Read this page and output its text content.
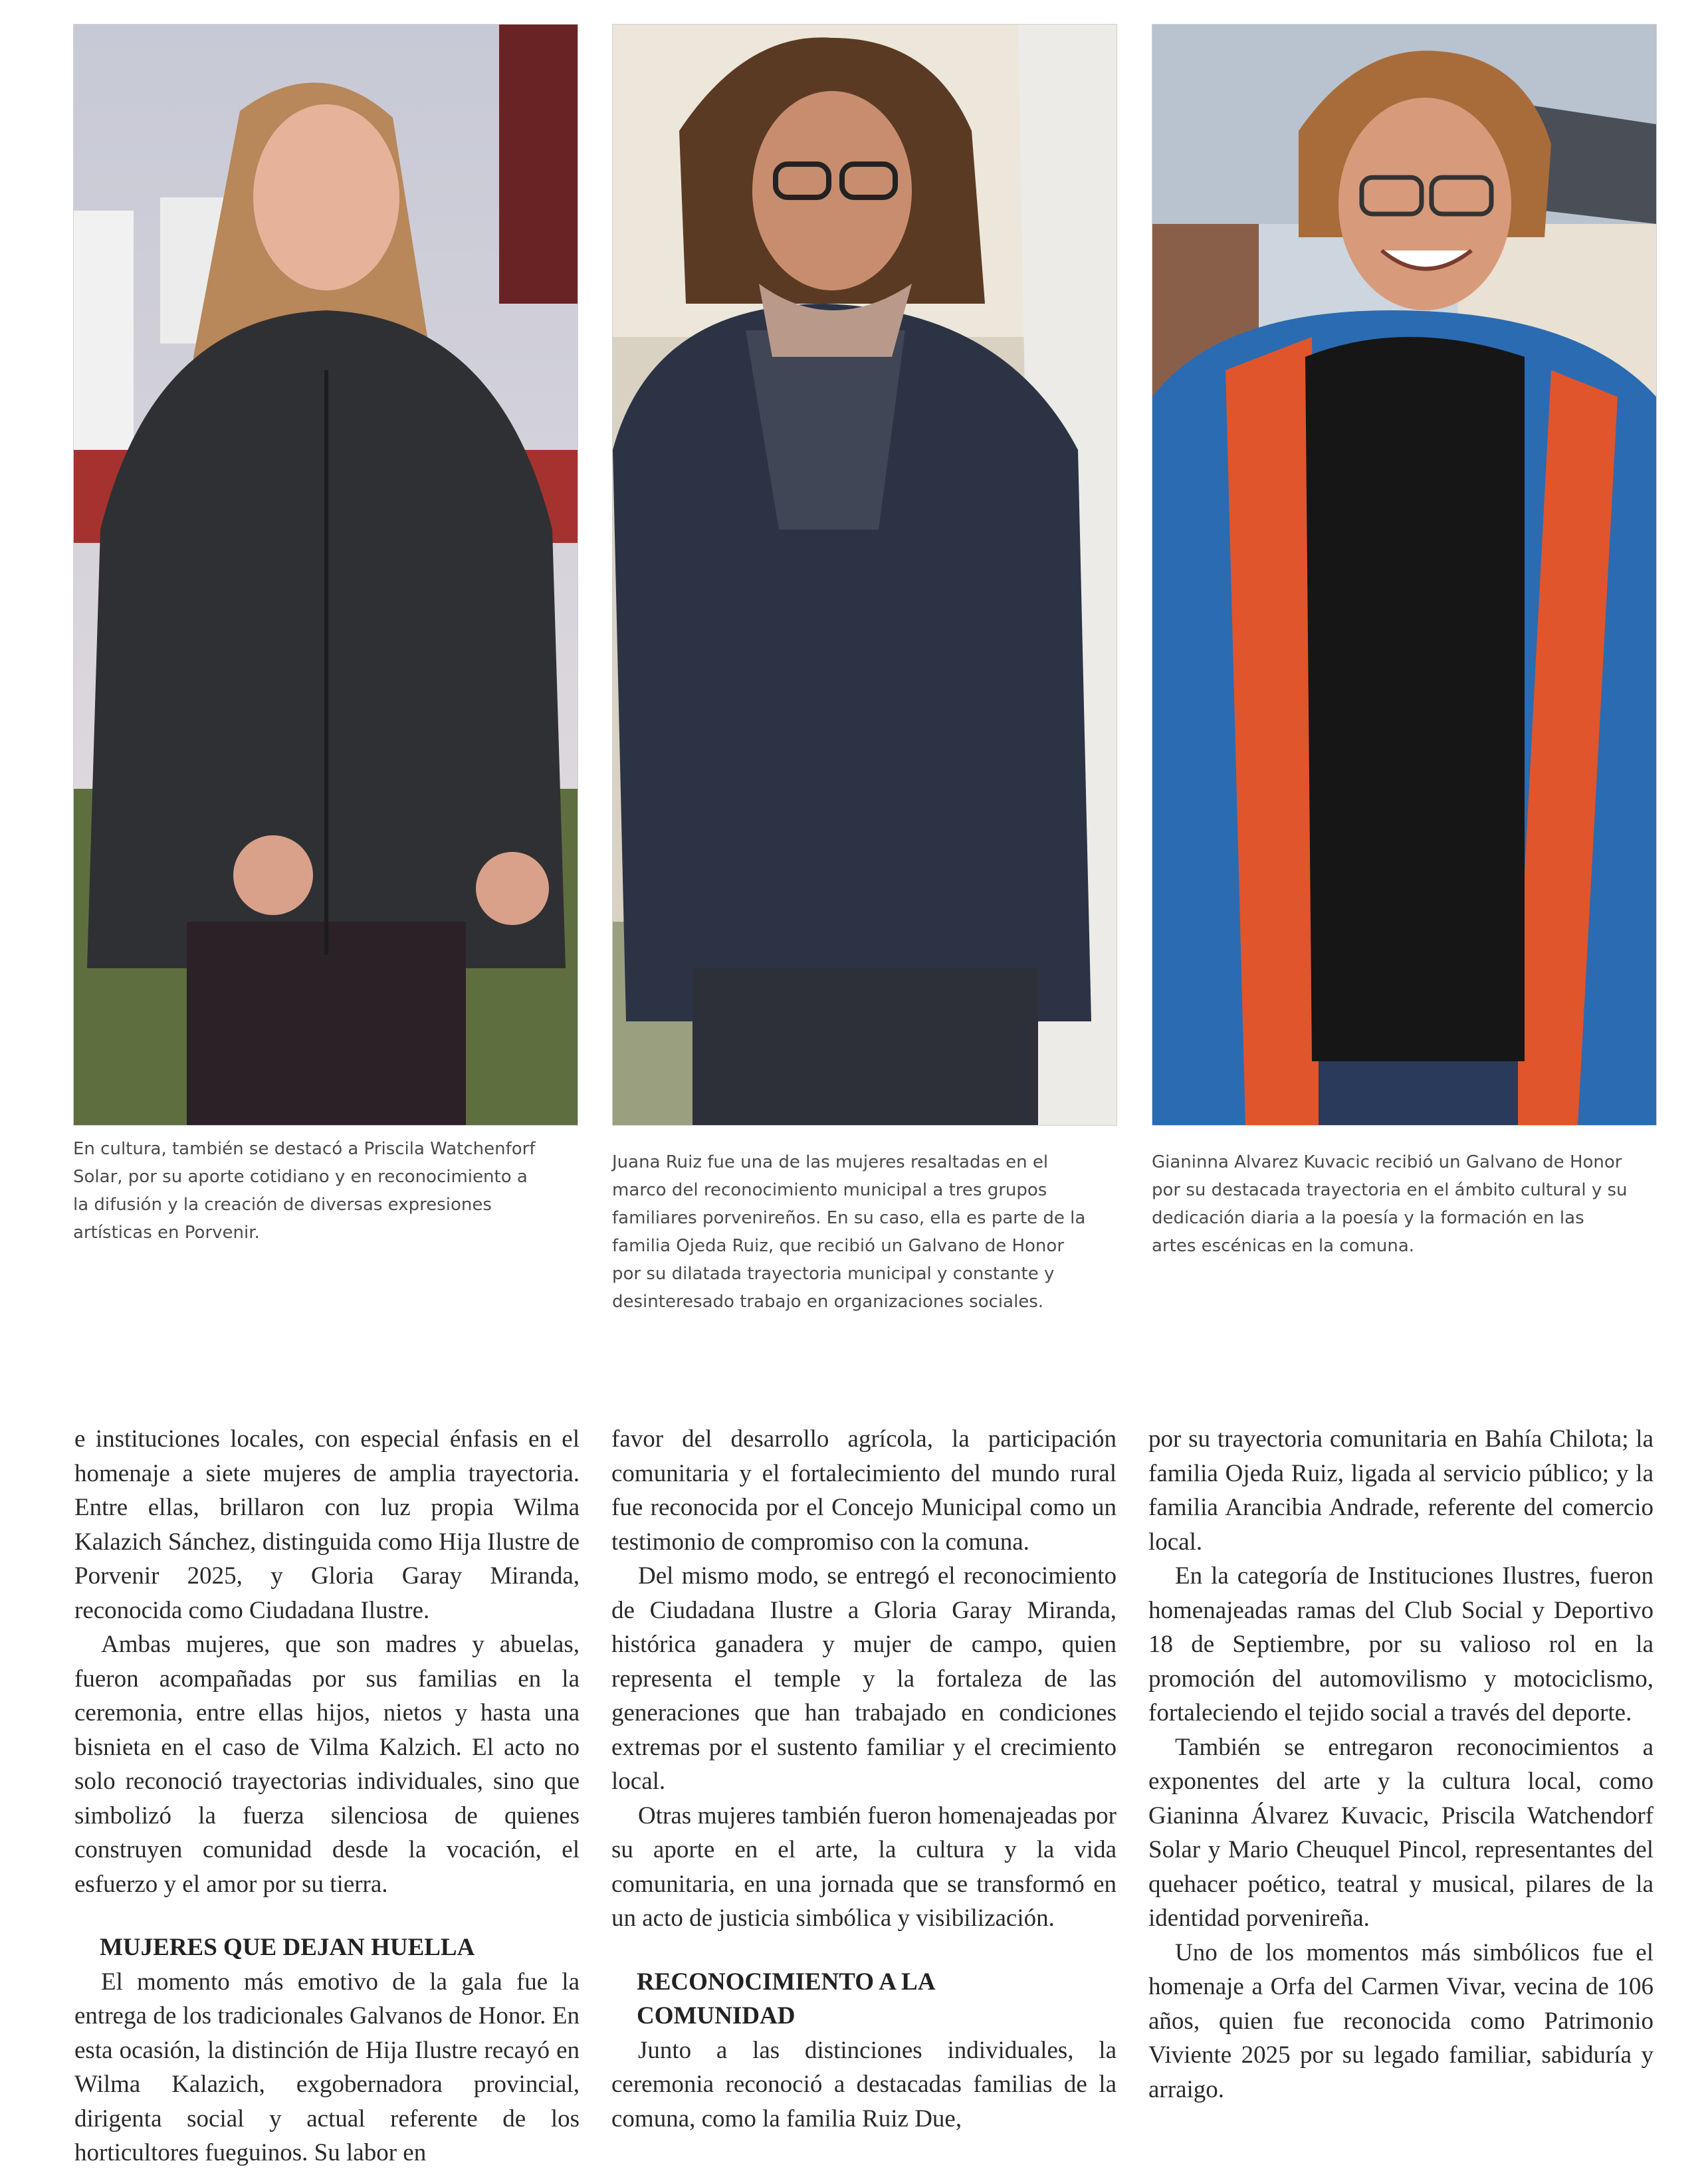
En cultura, también se destacó a Priscila Watchenforf Solar, por su aporte cotidiano y en reconocimiento a la difusión y la creación de diversas expresiones artísticas en Porvenir.

Juana Ruiz fue una de las mujeres resaltadas en el marco del reconocimiento municipal a tres grupos familiares porvenireños. En su caso, ella es parte de la familia Ojeda Ruiz, que recibió un Galvano de Honor por su dilatada trayectoria municipal y constante y desinteresado trabajo en organizaciones sociales.

Gianinna Alvarez Kuvacic recibió un Galvano de Honor por su destacada trayectoria en el ámbito cultural y su dedicación diaria a la poesía y la formación en las artes escénicas en la comuna.

e instituciones locales, con especial énfasis en el homenaje a siete mujeres de amplia trayectoria. Entre ellas, brillaron con luz propia Wilma Kalazich Sánchez, distinguida como Hija Ilustre de Porvenir 2025, y Gloria Garay Miranda, reconocida como Ciudadana Ilustre.

Ambas mujeres, que son madres y abuelas, fueron acompañadas por sus familias en la ceremonia, entre ellas hijos, nietos y hasta una bisnieta en el caso de Vilma Kalzich. El acto no solo reconoció trayectorias individuales, sino que simbolizó la fuerza silenciosa de quienes construyen comunidad desde la vocación, el esfuerzo y el amor por su tierra.

MUJERES QUE DEJAN HUELLA

El momento más emotivo de la gala fue la entrega de los tradicionales Galvanos de Honor. En esta ocasión, la distinción de Hija Ilustre recayó en Wilma Kalazich, exgobernadora provincial, dirigenta social y actual referente de los horticultores fueguinos. Su labor en

favor del desarrollo agrícola, la participación comunitaria y el fortalecimiento del mundo rural fue reconocida por el Concejo Municipal como un testimonio de compromiso con la comuna.

Del mismo modo, se entregó el reconocimiento de Ciudadana Ilustre a Gloria Garay Miranda, histórica ganadera y mujer de campo, quien representa el temple y la fortaleza de las generaciones que han trabajado en condiciones extremas por el sustento familiar y el crecimiento local.

Otras mujeres también fueron homenajeadas por su aporte en el arte, la cultura y la vida comunitaria, en una jornada que se transformó en un acto de justicia simbólica y visibilización.

RECONOCIMIENTO A LA COMUNIDAD

Junto a las distinciones individuales, la ceremonia reconoció a destacadas familias de la comuna, como la familia Ruiz Due,

por su trayectoria comunitaria en Bahía Chilota; la familia Ojeda Ruiz, ligada al servicio público; y la familia Arancibia Andrade, referente del comercio local.

En la categoría de Instituciones Ilustres, fueron homenajeadas ramas del Club Social y Deportivo 18 de Septiembre, por su valioso rol en la promoción del automovilismo y motociclismo, fortaleciendo el tejido social a través del deporte.

También se entregaron reconocimientos a exponentes del arte y la cultura local, como Gianinna Álvarez Kuvacic, Priscila Watchendorf Solar y Mario Cheuquel Pincol, representantes del quehacer poético, teatral y musical, pilares de la identidad porvenireña.

Uno de los momentos más simbólicos fue el homenaje a Orfa del Carmen Vivar, vecina de 106 años, quien fue reconocida como Patrimonio Viviente 2025 por su legado familiar, sabiduría y arraigo.
